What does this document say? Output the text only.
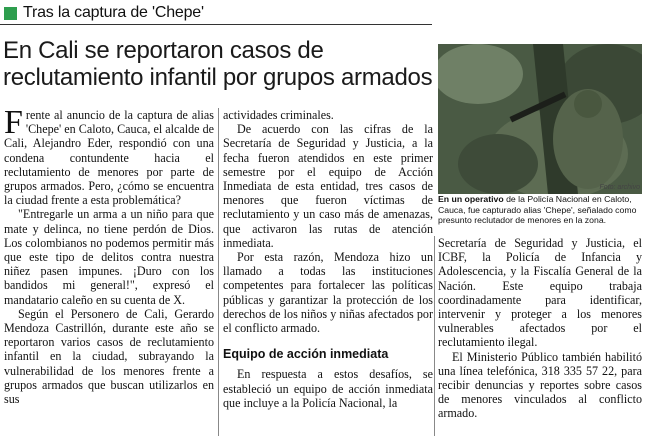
Tras la captura de 'Chepe'
En Cali se reportaron casos de reclutamiento infantil por grupos armados

Frente al anuncio de la captura de alias 'Chepe' en Caloto, Cauca, el alcalde de Cali, Alejandro Eder, respondió con una condena contundente hacia el reclutamiento de menores por parte de grupos armados. Pero, ¿cómo se encuentra la ciudad frente a esta problemática?

"Entregarle un arma a un niño para que mate y delinca, no tiene perdón de Dios. Los colombianos no podemos permitir más que este tipo de delitos contra nuestra niñez pasen impunes. ¡Duro con los bandidos mi general!", expresó el mandatario caleño en su cuenta de X.

Según el Personero de Cali, Gerardo Mendoza Castrillón, durante este año se reportaron varios casos de reclutamiento infantil en la ciudad, subrayando la vulnerabilidad de los menores frente a grupos armados que buscan utilizarlos en sus

actividades criminales.

De acuerdo con las cifras de la Secretaría de Seguridad y Justicia, a la fecha fueron atendidos en este primer semestre por el equipo de Acción Inmediata de esta entidad, tres casos de menores que fueron víctimas de reclutamiento y un caso más de amenazas, que activaron las rutas de atención inmediata.

Por esta razón, Mendoza hizo un llamado a todas las instituciones competentes para fortalecer las políticas públicas y garantizar la protección de los derechos de los niños y niñas afectados por el conflicto armado.

Equipo de acción inmediata

En respuesta a estos desafíos, se estableció un equipo de acción inmediata que incluye a la Policía Nacional, la

Foto: archivo
En un operativo de la Policía Nacional en Caloto, Cauca, fue capturado alias 'Chepe', señalado como presunto reclutador de menores en la zona.

Secretaría de Seguridad y Justicia, el ICBF, la Policía de Infancia y Adolescencia, y la Fiscalía General de la Nación. Este equipo trabaja coordinadamente para identificar, intervenir y proteger a los menores vulnerables afectados por el reclutamiento ilegal.

El Ministerio Público también habilitó una línea telefónica, 318 335 57 22, para recibir denuncias y reportes sobre casos de menores vinculados al conflicto armado.
